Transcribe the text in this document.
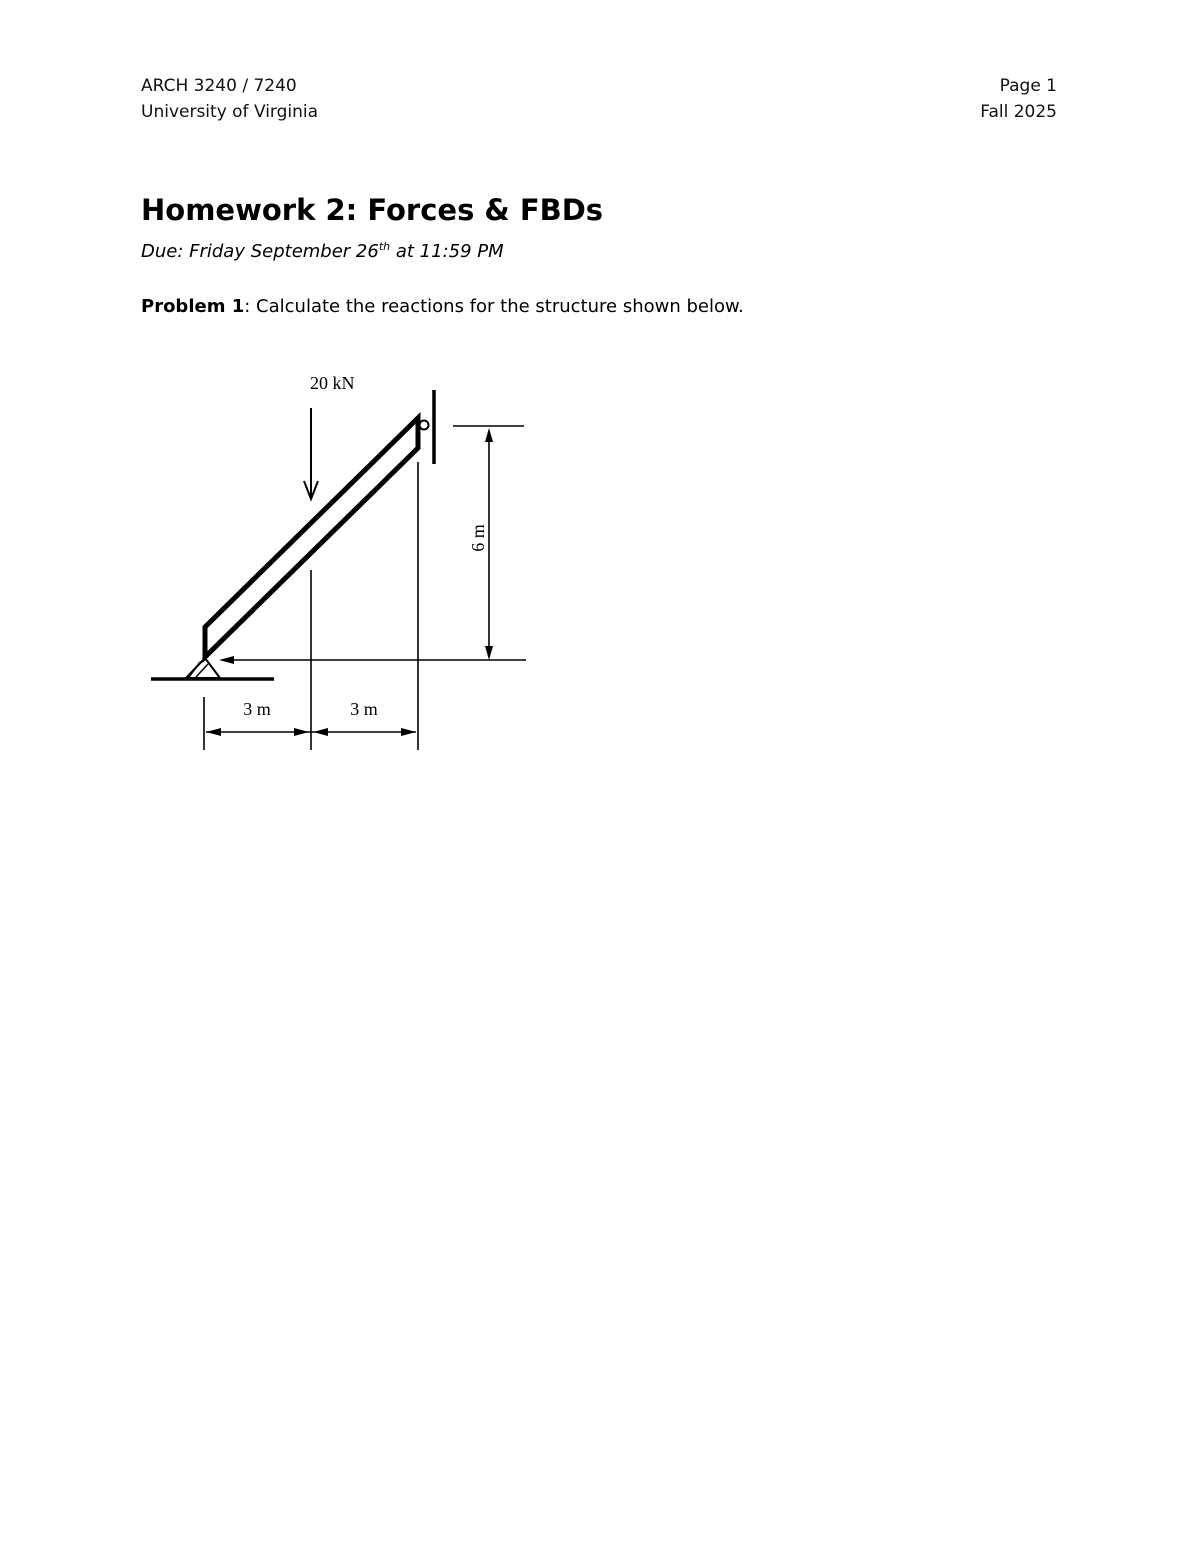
ARCH 3240 / 7240
University of Virginia
Page 1
Fall 2025
Homework 2: Forces & FBDs
Due: Friday September 26th at 11:59 PM
Problem 1: Calculate the reactions for the structure shown below.
20 kN
6 m
3 m	3 m
